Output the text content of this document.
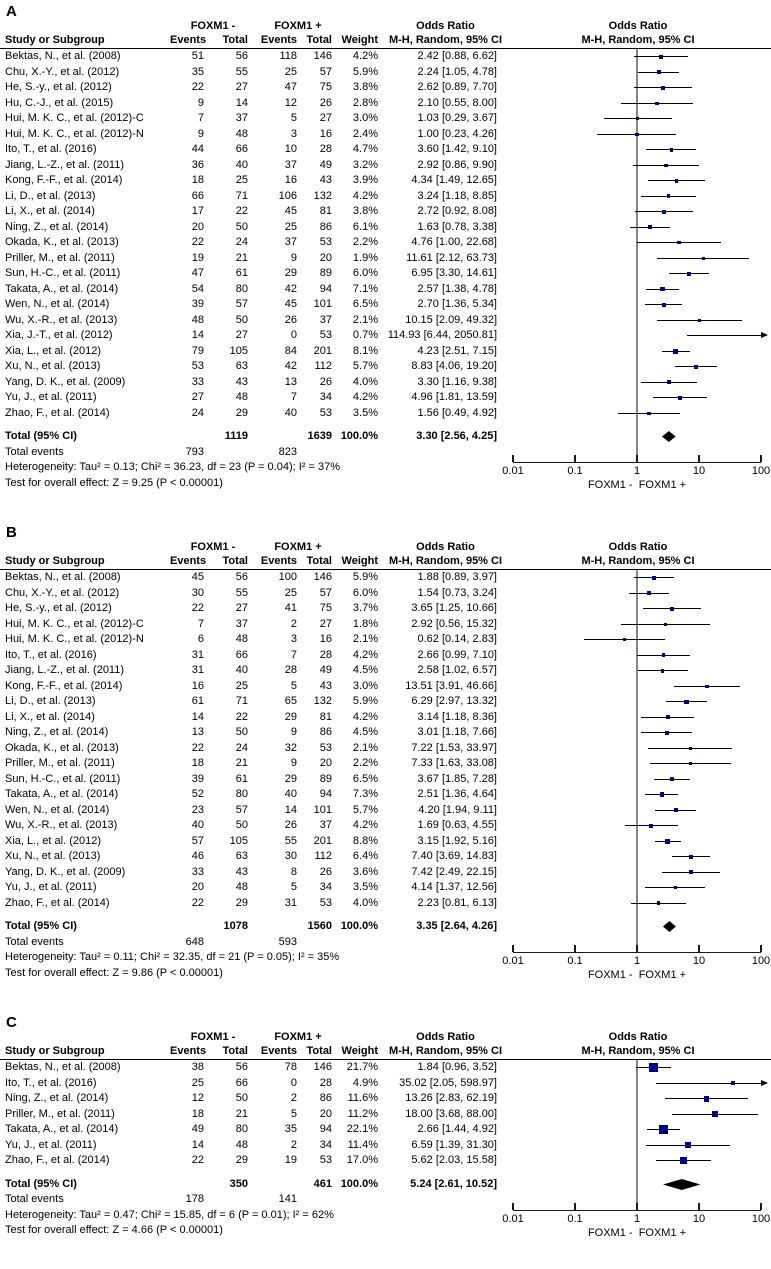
A
FOXM1 -	FOXM1 +	Odds Ratio	Odds Ratio
Study or Subgroup	Events	Total	Events Total Weight M-H, Random, 95% CI	M-H, Random, 95% CI
Bektas, N., et al. (2008)	51	56	118	146	4.2%	2.42 [0.88, 6.62]
Chu, X.-Y., et al. (2012)	35	55	25	57	5.9%	2.24 [1.05, 4.78]
He, S.-y., et al. (2012)	22	27	47	75	3.8%	2.62 [0.89, 7.70]
Hu, C.-J., et al. (2015)	9	14	12	26	2.8%	2.10 [0.55, 8.00]
Hui, M. K. C., et al. (2012)-C	7	37	5	27	3.0%	1.03 [0.29, 3.67]
Hui, M. K. C., et al. (2012)-N	9	48	3	16	2.4%	1.00 [0.23, 4.26]
Ito, T., et al. (2016)	44	66	10	28	4.7%	3.60 [1.42, 9.10]
Jiang, L.-Z., et al. (2011)	36	40	37	49	3.2%	2.92 [0.86, 9.90]
Kong, F.-F., et al. (2014)	18	25	16	43	3.9%	4.34 [1.49, 12.65]
Li, D., et al. (2013)	66	71	106	132	4.2%	3.24 [1.18, 8.85]
Li, X., et al. (2014)	17	22	45	81	3.8%	2.72 [0.92, 8.08]
Ning, Z., et al. (2014)	20	50	25	86	6.1%	1.63 [0.78, 3.38]
Okada, K., et al. (2013)	22	24	37	53	2.2%	4.76 [1.00, 22.68]
Priller, M., et al. (2011)	19	21	9	20	1.9%	11.61 [2.12, 63.73]
Sun, H.-C., et al. (2011)	47	61	29	89	6.0%	6.95 [3.30, 14.61]
Takata, A., et al. (2014)	54	80	42	94	7.1%	2.57 [1.38, 4.78]
Wen, N., et al. (2014)	39	57	45	101	6.5%	2.70 [1.36, 5.34]
Wu, X.-R., et al. (2013)	48	50	26	37	2.1%	10.15 [2.09, 49.32]
Xia, J.-T., et al. (2012)	14	27	0	53	0.7% 114.93 [6.44, 2050.81]
Xia, L., et al. (2012)	79	105	84	201	8.1%	4.23 [2.51, 7.15]
Xu, N., et al. (2013)	53	63	42	112	5.7%	8.83 [4.06, 19.20]
Yang, D. K., et al. (2009)	33	43	13	26	4.0%	3.30 [1.16, 9.38]
Yu, J., et al. (2011)	27	48	7	34	4.2%	4.96 [1.81, 13.59]
Zhao, F., et al. (2014)	24	29	40	53	3.5%	1.56 [0.49, 4.92]
Total (95% CI)	1119	1639 100.0%	3.30 [2.56, 4.25]
Total events	793	823
Heterogeneity: Tau² = 0.13; Chi² = 36.23, df = 23 (P = 0.04); I² = 37%
Test for overall effect: Z = 9.25 (P < 0.00001)
0.01	0.1	1	10	100
FOXM1 - FOXM1 +
B
FOXM1 -	FOXM1 +	Odds Ratio	Odds Ratio
Study or Subgroup	Events	Total	Events Total Weight M-H, Random, 95% CI	M-H, Random, 95% CI
Bektas, N., et al. (2008)	45	56	100	146	5.9%	1.88 [0.89, 3.97]
Chu, X.-Y., et al. (2012)	30	55	25	57	6.0%	1.54 [0.73, 3.24]
He, S.-y., et al. (2012)	22	27	41	75	3.7%	3.65 [1.25, 10.66]
Hui, M. K. C., et al. (2012)-C	7	37	2	27	1.8%	2.92 [0.56, 15.32]
Hui, M. K. C., et al. (2012)-N	6	48	3	16	2.1%	0.62 [0.14, 2.83]
Ito, T., et al. (2016)	31	66	7	28	4.2%	2.66 [0.99, 7.10]
Jiang, L.-Z., et al. (2011)	31	40	28	49	4.5%	2.58 [1.02, 6.57]
Kong, F.-F., et al. (2014)	16	25	5	43	3.0%	13.51 [3.91, 46.66]
Li, D., et al. (2013)	61	71	65	132	5.9%	6.29 [2.97, 13.32]
Li, X., et al. (2014)	14	22	29	81	4.2%	3.14 [1.18, 8.36]
Ning, Z., et al. (2014)	13	50	9	86	4.5%	3.01 [1.18, 7.66]
Okada, K., et al. (2013)	22	24	32	53	2.1%	7.22 [1.53, 33.97]
Priller, M., et al. (2011)	18	21	9	20	2.2%	7.33 [1.63, 33.08]
Sun, H.-C., et al. (2011)	39	61	29	89	6.5%	3.67 [1.85, 7.28]
Takata, A., et al. (2014)	52	80	40	94	7.3%	2.51 [1.36, 4.64]
Wen, N., et al. (2014)	23	57	14	101	5.7%	4.20 [1.94, 9.11]
Wu, X.-R., et al. (2013)	40	50	26	37	4.2%	1.69 [0.63, 4.55]
Xia, L., et al. (2012)	57	105	55	201	8.8%	3.15 [1.92, 5.16]
Xu, N., et al. (2013)	46	63	30	112	6.4%	7.40 [3.69, 14.83]
Yang, D. K., et al. (2009)	33	43	8	26	3.6%	7.42 [2.49, 22.15]
Yu, J., et al. (2011)	20	48	5	34	3.5%	4.14 [1.37, 12.56]
Zhao, F., et al. (2014)	22	29	31	53	4.0%	2.23 [0.81, 6.13]
Total (95% CI)	1078	1560 100.0%	3.35 [2.64, 4.26]
Total events	648	593
Heterogeneity: Tau² = 0.11; Chi² = 32.35, df = 21 (P = 0.05); I² = 35%
Test for overall effect: Z = 9.86 (P < 0.00001)
0.01	0.1	1	10	100
FOXM1 - FOXM1 +
C
FOXM1 -	FOXM1 +	Odds Ratio	Odds Ratio
Study or Subgroup	Events	Total	Events Total Weight M-H, Random, 95% CI	M-H, Random, 95% CI
Bektas, N., et al. (2008)	38	56	78	146	21.7%	1.84 [0.96, 3.52]
Ito, T., et al. (2016)	25	66	0	28	4.9%	35.02 [2.05, 598.97]
Ning, Z., et al. (2014)	12	50	2	86	11.6%	13.26 [2.83, 62.19]
Priller, M., et al. (2011)	18	21	5	20	11.2%	18.00 [3.68, 88.00]
Takata, A., et al. (2014)	49	80	35	94	22.1%	2.66 [1.44, 4.92]
Yu, J., et al. (2011)	14	48	2	34	11.4%	6.59 [1.39, 31.30]
Zhao, F., et al. (2014)	22	29	19	53	17.0%	5.62 [2.03, 15.58]
Total (95% CI)	350	461 100.0%	5.24 [2.61, 10.52]
Total events	178	141
Heterogeneity: Tau² = 0.47; Chi² = 15.85, df = 6 (P = 0.01); I² = 62%
Test for overall effect: Z = 4.66 (P < 0.00001)
0.01	0.1	1	10	100
FOXM1 - FOXM1 +
